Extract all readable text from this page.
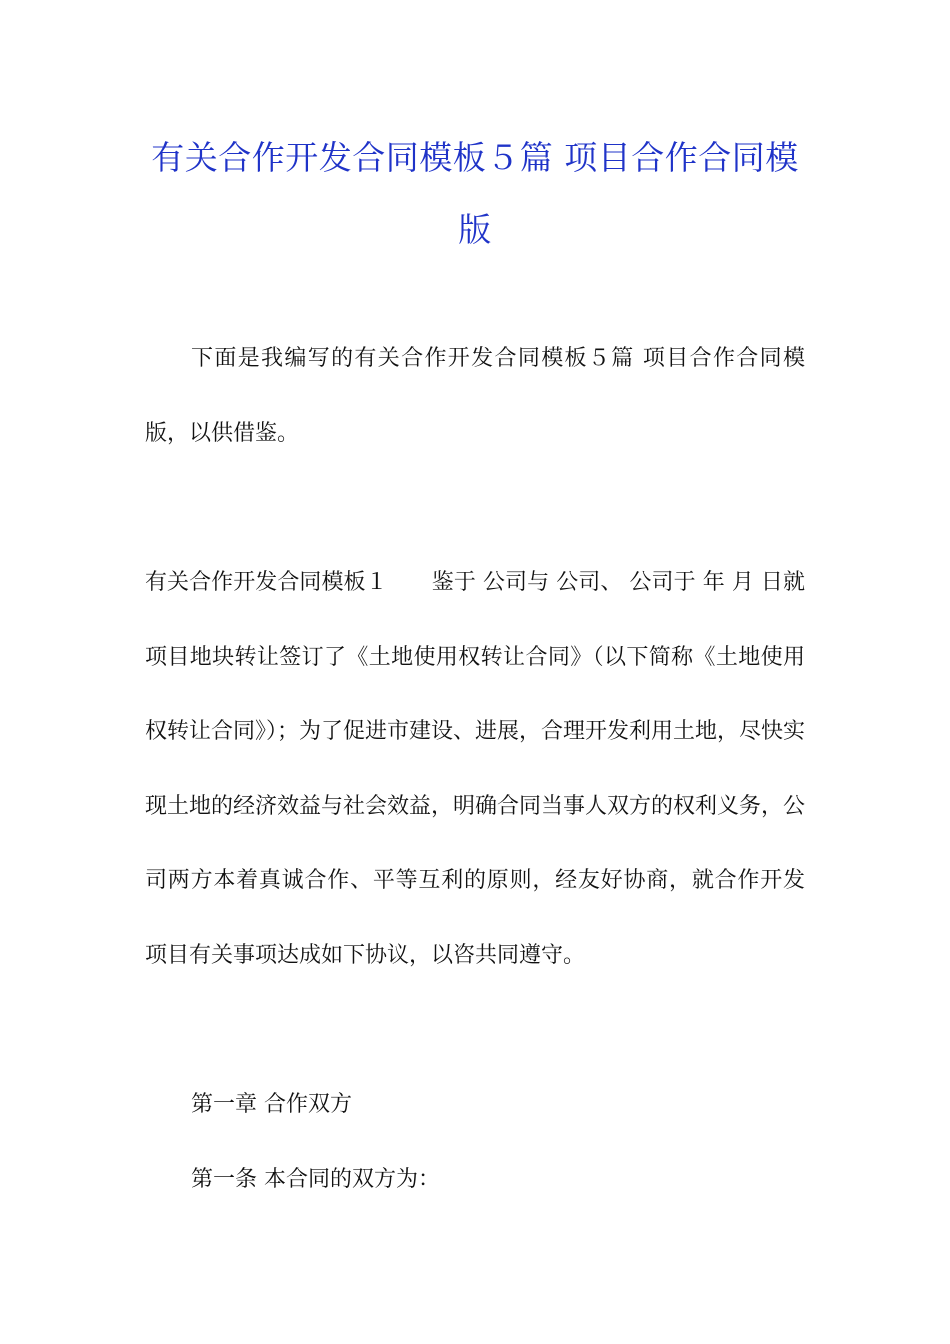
有关合作开发合同模板５篇 项目合作合同模版

下面是我编写的有关合作开发合同模板５篇 项目合作合同模版，以供借鉴。

有关合作开发合同模板１　　鉴于 公司与 公司、 公司于 年 月 日就 项目地块转让签订了《土地使用权转让合同》（以下简称《土地使用权转让合同》）；为了促进市建设、进展，合理开发利用土地，尽快实现土地的经济效益与社会效益，明确合同当事人双方的权利义务，公司两方本着真诚合作、平等互利的原则，经友好协商，就合作开发 项目有关事项达成如下协议，以咨共同遵守。

第一章 合作双方

第一条 本合同的双方为：
